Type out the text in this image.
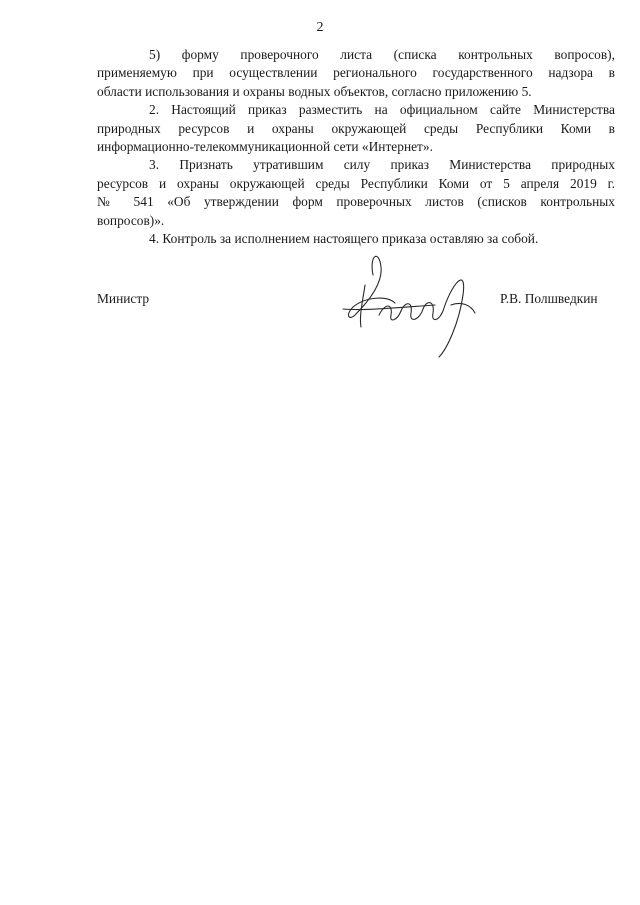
2

5) форму проверочного листа (списка контрольных вопросов),
применяемую при осуществлении регионального государственного надзора в
области использования и охраны водных объектов, согласно приложению 5.

2. Настоящий приказ разместить на официальном сайте Министерства
природных ресурсов и охраны окружающей среды Республики Коми в
информационно-телекоммуникационной сети «Интернет».

3. Признать утратившим силу приказ Министерства природных
ресурсов и охраны окружающей среды Республики Коми от 5 апреля 2019 г.
№ 541 «Об утверждении форм проверочных листов (списков контрольных
вопросов)».

4. Контроль за исполнением настоящего приказа оставляю за собой.

Министр	Р.В. Полшведкин
